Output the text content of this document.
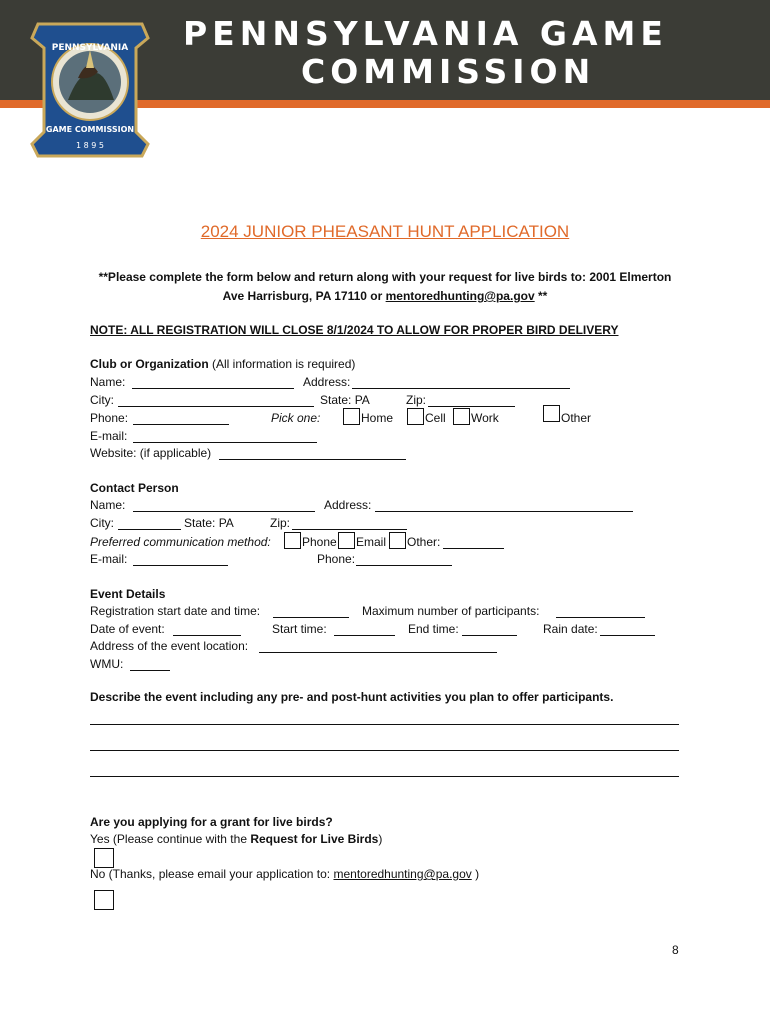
PENNSYLVANIA GAME
COMMISSION
PENNSYLVANIA
GAME COMMISSION
1 8 9 5
2024 JUNIOR PHEASANT HUNT APPLICATION
**Please complete the form below and return along with your request for live birds to: 2001 Elmerton
Ave Harrisburg, PA 17110 or mentoredhunting@pa.gov **
NOTE: ALL REGISTRATION WILL CLOSE 8/1/2024 TO ALLOW FOR PROPER BIRD DELIVERY
Club or Organization (All information is required)
Name:	Address:
City:	State: PA	Zip:
Phone:	Pick one:	Home	Cell Work	Other
E-mail:
Website: (if applicable)
Contact Person
Name:	Address:
City:	State: PA	Zip:
Preferred communication method:	Phone Email Other:
E-mail:	Phone:
Event Details
Registration start date and time:	Maximum number of participants:
Date of event:	Start time:	End time:	Rain date:
Address of the event location:
WMU:
Describe the event including any pre- and post-hunt activities you plan to offer participants.
Are you applying for a grant for live birds?
Yes (Please continue with the Request for Live Birds)
No (Thanks, please email your application to: mentoredhunting@pa.gov )
8
